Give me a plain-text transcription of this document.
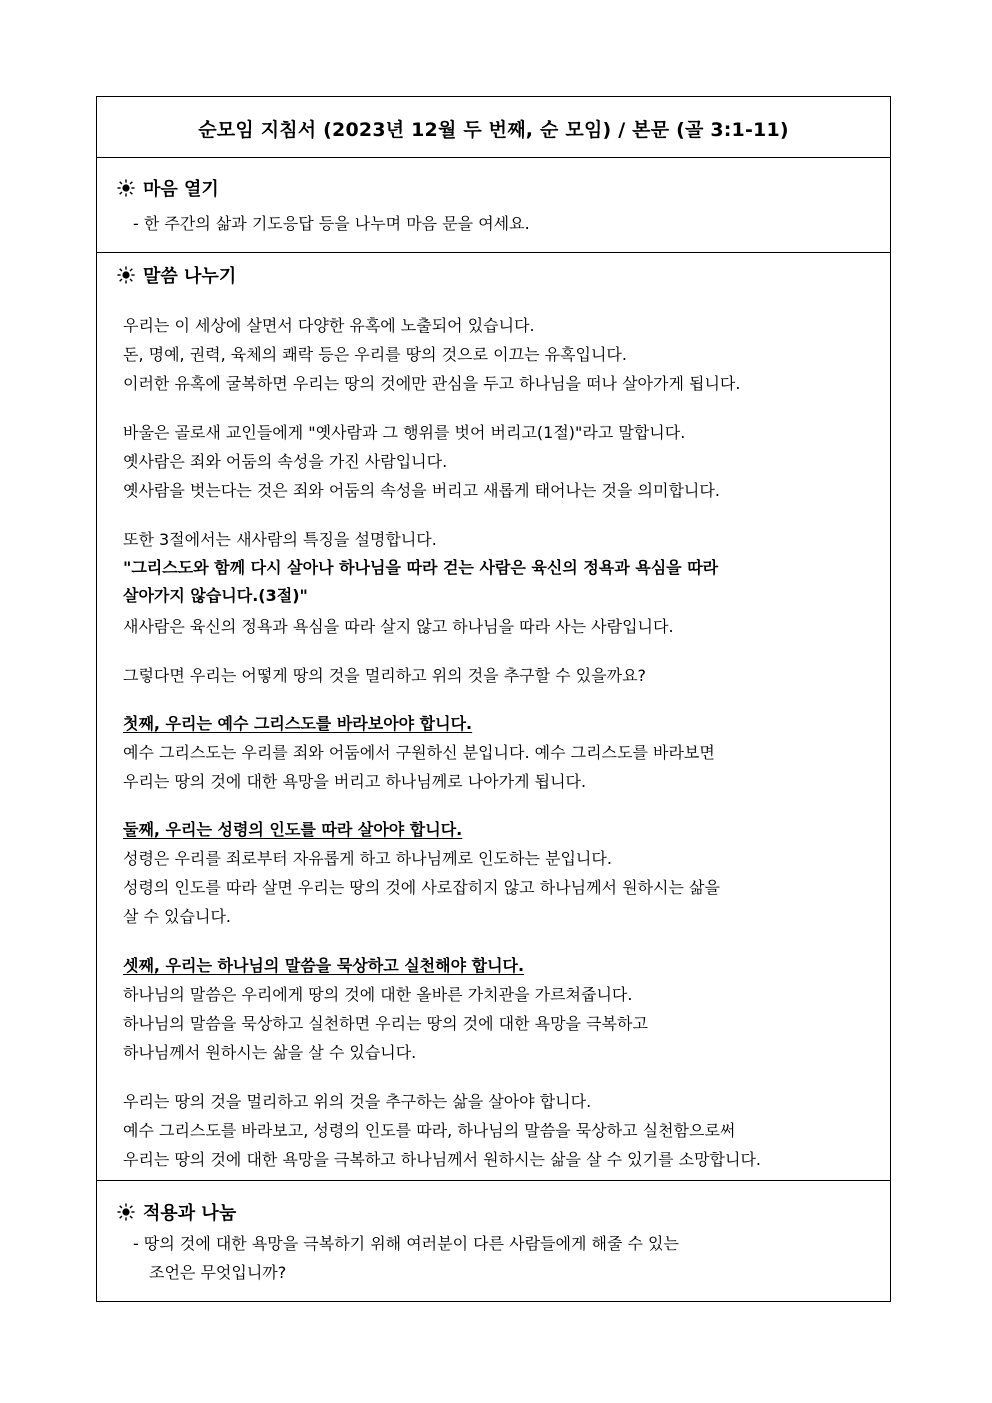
순모임 지침서 (2023년 12월 두 번째, 순 모임) / 본문 (골 3:1-11)
마음 열기
- 한 주간의 삶과 기도응답 등을 나누며 마음 문을 여세요.
말씀 나누기
우리는 이 세상에 살면서 다양한 유혹에 노출되어 있습니다.
돈, 명예, 권력, 육체의 쾌락 등은 우리를 땅의 것으로 이끄는 유혹입니다.
이러한 유혹에 굴복하면 우리는 땅의 것에만 관심을 두고 하나님을 떠나 살아가게 됩니다.
바울은 골로새 교인들에게 "옛사람과 그 행위를 벗어 버리고(1절)"라고 말합니다.
옛사람은 죄와 어둠의 속성을 가진 사람입니다.
옛사람을 벗는다는 것은 죄와 어둠의 속성을 버리고 새롭게 태어나는 것을 의미합니다.
또한 3절에서는 새사람의 특징을 설명합니다.
"그리스도와 함께 다시 살아나 하나님을 따라 걷는 사람은 육신의 정욕과 욕심을 따라
살아가지 않습니다.(3절)"
새사람은 육신의 정욕과 욕심을 따라 살지 않고 하나님을 따라 사는 사람입니다.
그렇다면 우리는 어떻게 땅의 것을 멀리하고 위의 것을 추구할 수 있을까요?
첫째, 우리는 예수 그리스도를 바라보아야 합니다.
예수 그리스도는 우리를 죄와 어둠에서 구원하신 분입니다. 예수 그리스도를 바라보면
우리는 땅의 것에 대한 욕망을 버리고 하나님께로 나아가게 됩니다.
둘째, 우리는 성령의 인도를 따라 살아야 합니다.
성령은 우리를 죄로부터 자유롭게 하고 하나님께로 인도하는 분입니다.
성령의 인도를 따라 살면 우리는 땅의 것에 사로잡히지 않고 하나님께서 원하시는 삶을
살 수 있습니다.
셋째, 우리는 하나님의 말씀을 묵상하고 실천해야 합니다.
하나님의 말씀은 우리에게 땅의 것에 대한 올바른 가치관을 가르쳐줍니다.
하나님의 말씀을 묵상하고 실천하면 우리는 땅의 것에 대한 욕망을 극복하고
하나님께서 원하시는 삶을 살 수 있습니다.
우리는 땅의 것을 멀리하고 위의 것을 추구하는 삶을 살아야 합니다.
예수 그리스도를 바라보고, 성령의 인도를 따라, 하나님의 말씀을 묵상하고 실천함으로써
우리는 땅의 것에 대한 욕망을 극복하고 하나님께서 원하시는 삶을 살 수 있기를 소망합니다.
적용과 나눔
- 땅의 것에 대한 욕망을 극복하기 위해 여러분이 다른 사람들에게 해줄 수 있는
조언은 무엇입니까?
